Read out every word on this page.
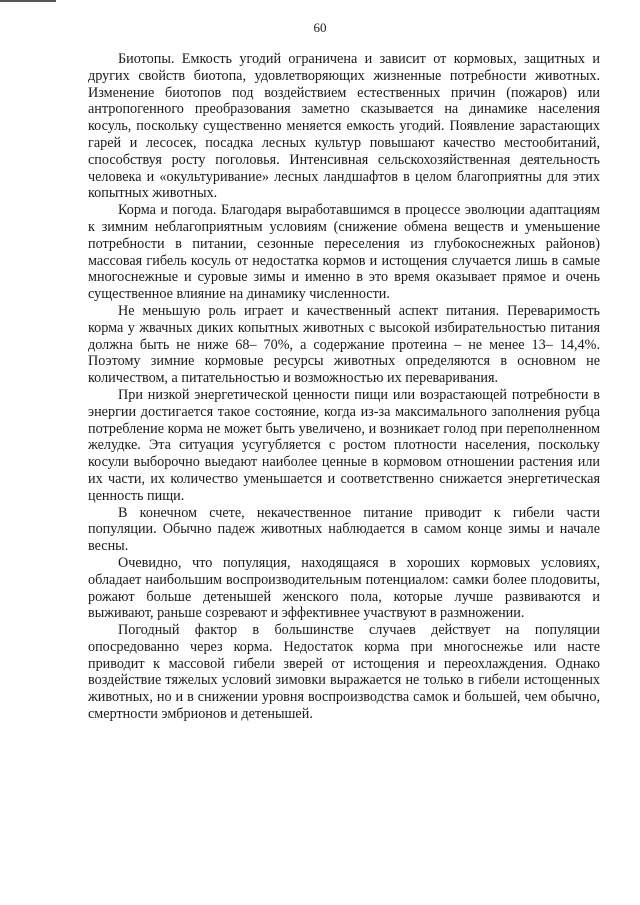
60

Биотопы. Емкость угодий ограничена и зависит от кормовых, защитных и других свойств биотопа, удовлетворяющих жизненные потребности животных. Изменение биотопов под воздействием естественных причин (пожаров) или антропогенного преобразования заметно сказывается на динамике населения косуль, поскольку существенно меняется емкость угодий. Появление зарастающих гарей и лесосек, посадка лесных культур повышают качество местообитаний, способствуя росту поголовья. Интенсивная сельскохозяйственная деятельность человека и «окультуривание» лесных ландшафтов в целом благоприятны для этих копытных животных.

Корма и погода. Благодаря выработавшимся в процессе эволюции адаптациям к зимним неблагоприятным условиям (снижение обмена веществ и уменьшение потребности в питании, сезонные переселения из глубокоснежных районов) массовая гибель косуль от недостатка кормов и истощения случается лишь в самые многоснежные и суровые зимы и именно в это время оказывает прямое и очень существенное влияние на динамику численности.

Не меньшую роль играет и качественный аспект питания. Переваримость корма у жвачных диких копытных животных с высокой избирательностью питания должна быть не ниже 68– 70%, а содержание протеина – не менее 13– 14,4%. Поэтому зимние кормовые ресурсы животных определяются в основном не количеством, а питательностью и возможностью их переваривания.

При низкой энергетической ценности пищи или возрастающей потребности в энергии достигается такое состояние, когда из-за максимального заполнения рубца потребление корма не может быть увеличено, и возникает голод при переполненном желудке. Эта ситуация усугубляется с ростом плотности населения, поскольку косули выборочно выедают наиболее ценные в кормовом отношении растения или их части, их количество уменьшается и соответственно снижается энергетическая ценность пищи.

В конечном счете, некачественное питание приводит к гибели части популяции. Обычно падеж животных наблюдается в самом конце зимы и начале весны.

Очевидно, что популяция, находящаяся в хороших кормовых условиях, обладает наибольшим воспроизводительным потенциалом: самки более плодовиты, рожают больше детенышей женского пола, которые лучше развиваются и выживают, раньше созревают и эффективнее участвуют в размножении.

Погодный фактор в большинстве случаев действует на популяции опосредованно через корма. Недостаток корма при многоснежье или насте приводит к массовой гибели зверей от истощения и переохлаждения. Однако воздействие тяжелых условий зимовки выражается не только в гибели истощенных животных, но и в снижении уровня воспроизводства самок и большей, чем обычно, смертности эмбрионов и детенышей.
